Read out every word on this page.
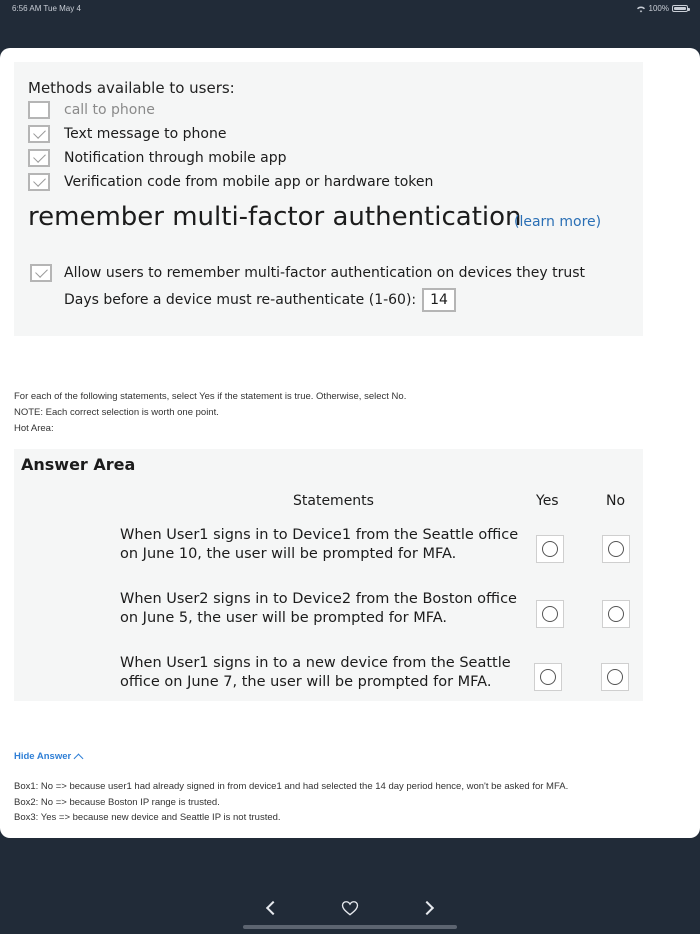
6:56 AM Tue May 4	100%
Methods available to users:
call to phone
Text message to phone
Notification through mobile app
Verification code from mobile app or hardware token
remember multi-factor authentication
(learn more)
Allow users to remember multi-factor authentication on devices they trust
Days before a device must re-authenticate (1-60):	14
For each of the following statements, select Yes if the statement is true. Otherwise, select No.
NOTE: Each correct selection is worth one point.
Hot Area:
Answer Area
Statements	Yes	No
When User1 signs in to Device1 from the Seattle office
on June 10, the user will be prompted for MFA.
When User2 signs in to Device2 from the Boston office
on June 5, the user will be prompted for MFA.
When User1 signs in to a new device from the Seattle
office on June 7, the user will be prompted for MFA.
Hide Answer
Box1: No => because user1 had already signed in from device1 and had selected the 14 day period hence, won't be asked for MFA.
Box2: No => because Boston IP range is trusted.
Box3: Yes => because new device and Seattle IP is not trusted.
